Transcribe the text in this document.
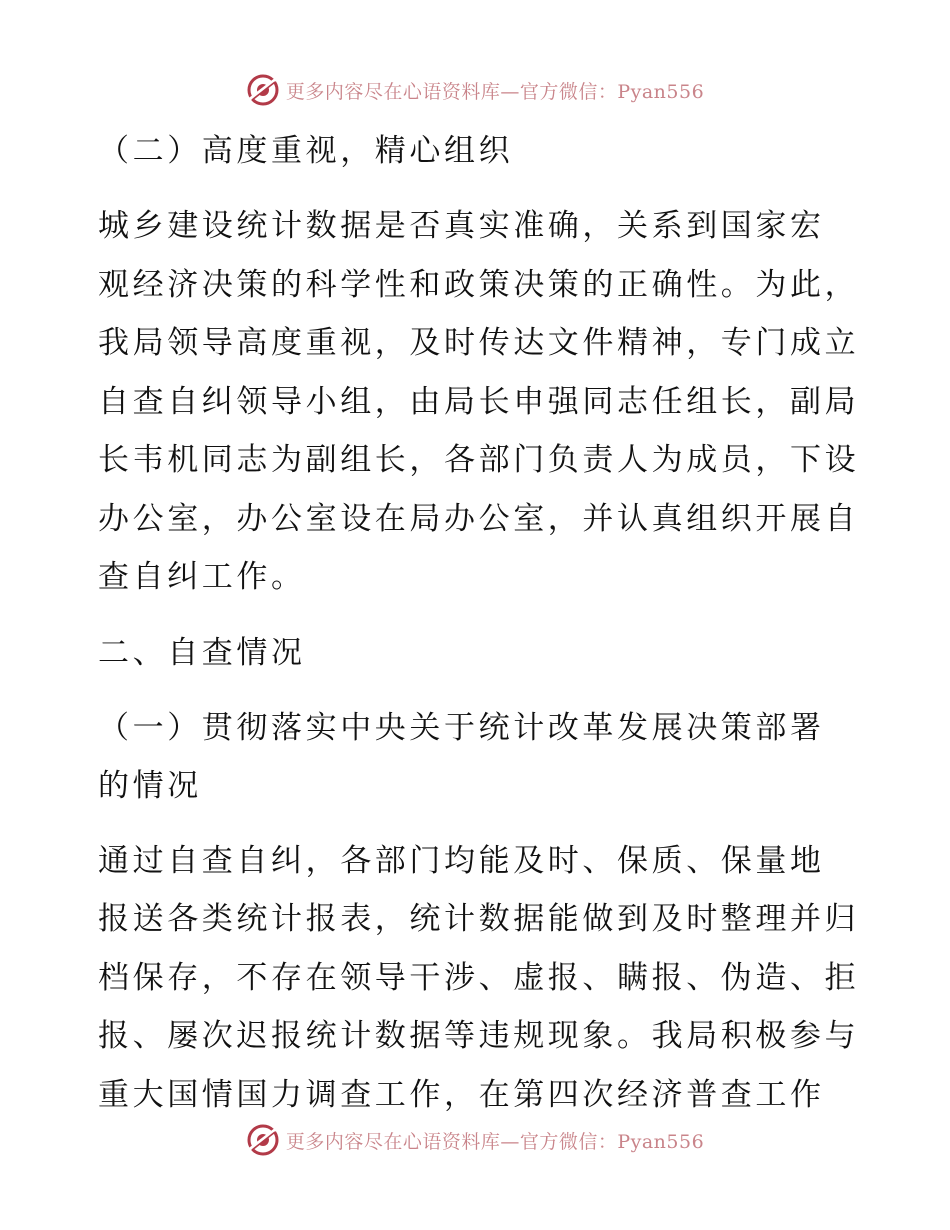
更多内容尽在心语资料库—官方微信：Pyan556

（二）高度重视，精心组织

城乡建设统计数据是否真实准确，关系到国家宏

观经济决策的科学性和政策决策的正确性。为此，

我局领导高度重视，及时传达文件精神，专门成立

自查自纠领导小组，由局长申强同志任组长，副局

长韦机同志为副组长，各部门负责人为成员，下设

办公室，办公室设在局办公室，并认真组织开展自

查自纠工作。

二、自查情况

（一）贯彻落实中央关于统计改革发展决策部署

的情况

通过自查自纠，各部门均能及时、保质、保量地

报送各类统计报表，统计数据能做到及时整理并归

档保存，不存在领导干涉、虚报、瞒报、伪造、拒

报、屡次迟报统计数据等违规现象。我局积极参与

重大国情国力调查工作，在第四次经济普查工作

更多内容尽在心语资料库—官方微信：Pyan556
